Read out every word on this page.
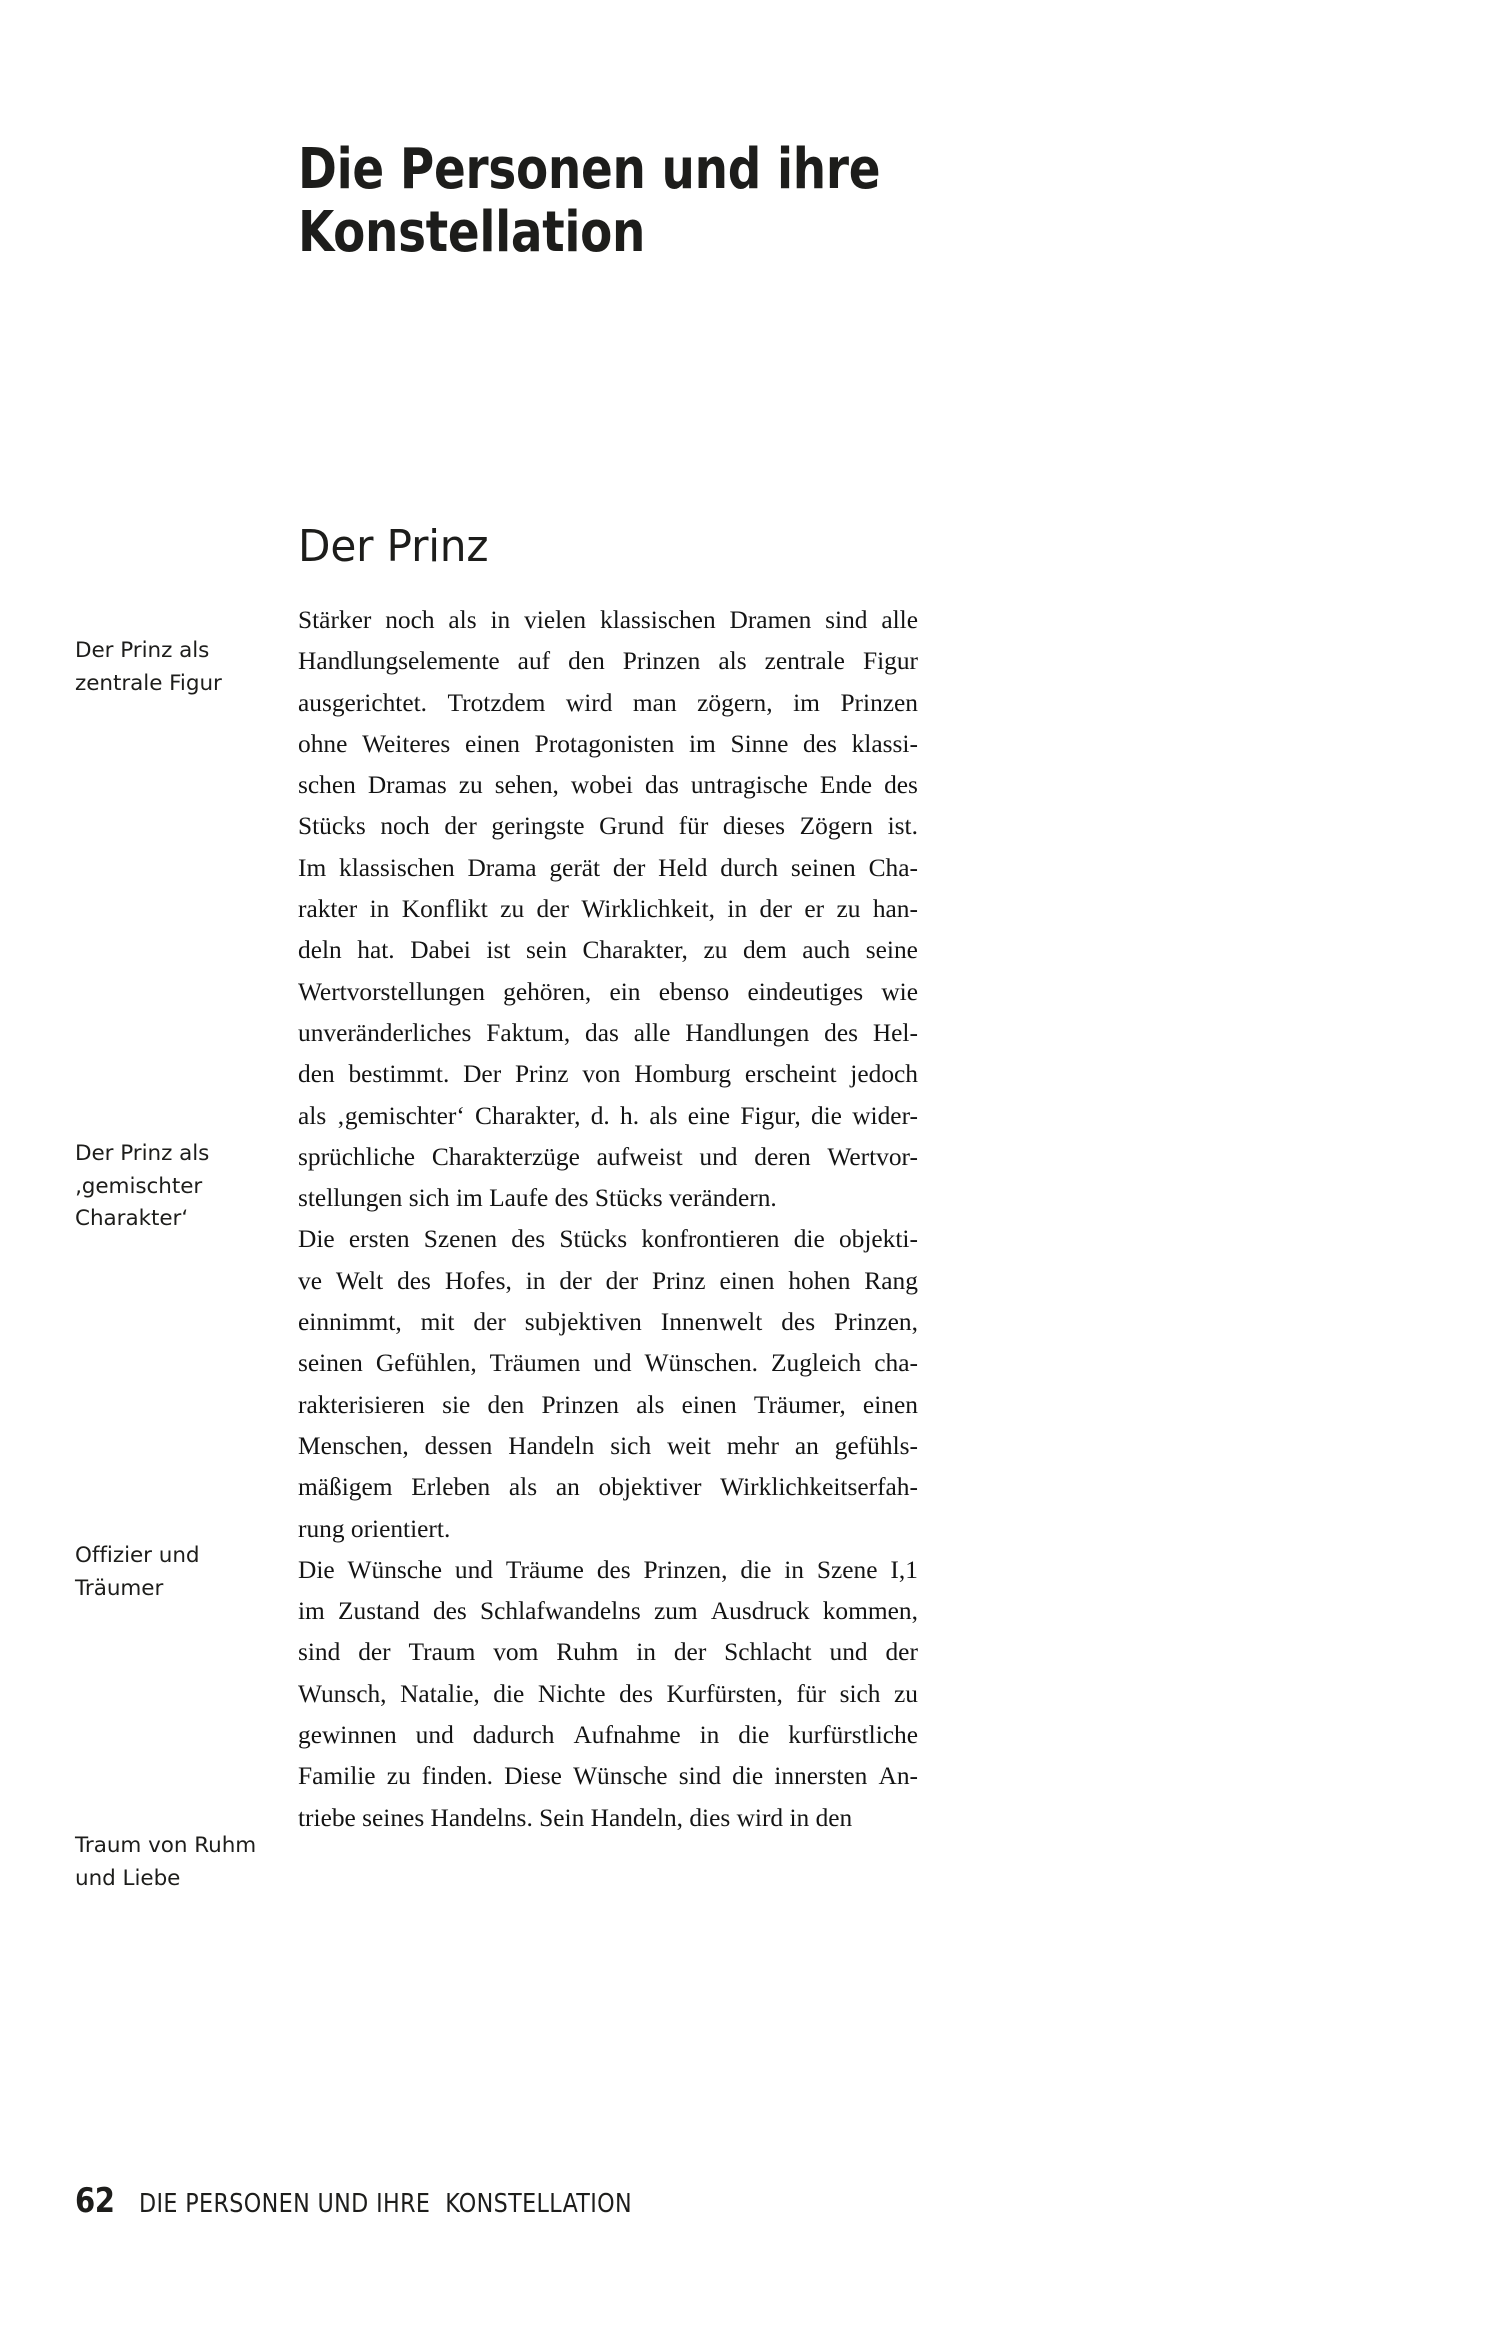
Die Personen und ihre
Konstellation
Der Prinz
Der Prinz als
zentrale Figur
Der Prinz als
‚gemischter
Charakter‘
Offizier und
Träumer
Traum von Ruhm
und Liebe

Stärker noch als in vielen klassischen Dramen sind alle
Handlungselemente auf den Prinzen als zentrale Figur
ausgerichtet. Trotzdem wird man zögern, im Prinzen
ohne Weiteres einen Protagonisten im Sinne des klassi-
schen Dramas zu sehen, wobei das untragische Ende des
Stücks noch der geringste Grund für dieses Zögern ist.
Im klassischen Drama gerät der Held durch seinen Cha-
rakter in Konflikt zu der Wirklichkeit, in der er zu han-
deln hat. Dabei ist sein Charakter, zu dem auch seine
Wertvorstellungen gehören, ein ebenso eindeutiges wie
unveränderliches Faktum, das alle Handlungen des Hel-
den bestimmt. Der Prinz von Homburg erscheint jedoch
als ‚gemischter‘ Charakter, d. h. als eine Figur, die wider-
sprüchliche Charakterzüge aufweist und deren Wertvor-
stellungen sich im Laufe des Stücks verändern.

Die ersten Szenen des Stücks konfrontieren die objekti-
ve Welt des Hofes, in der der Prinz einen hohen Rang
einnimmt, mit der subjektiven Innenwelt des Prinzen,
seinen Gefühlen, Träumen und Wünschen. Zugleich cha-
rakterisieren sie den Prinzen als einen Träumer, einen
Menschen, dessen Handeln sich weit mehr an gefühls-
mäßigem Erleben als an objektiver Wirklichkeitserfah-
rung orientiert.

Die Wünsche und Träume des Prinzen, die in Szene I,1
im Zustand des Schlafwandelns zum Ausdruck kommen,
sind der Traum vom Ruhm in der Schlacht und der
Wunsch, Natalie, die Nichte des Kurfürsten, für sich zu
gewinnen und dadurch Aufnahme in die kurfürstliche
Familie zu finden. Diese Wünsche sind die innersten An-
triebe seines Handelns. Sein Handeln, dies wird in den

62 DIE PERSONEN UND IHRE  KONSTELLATION
